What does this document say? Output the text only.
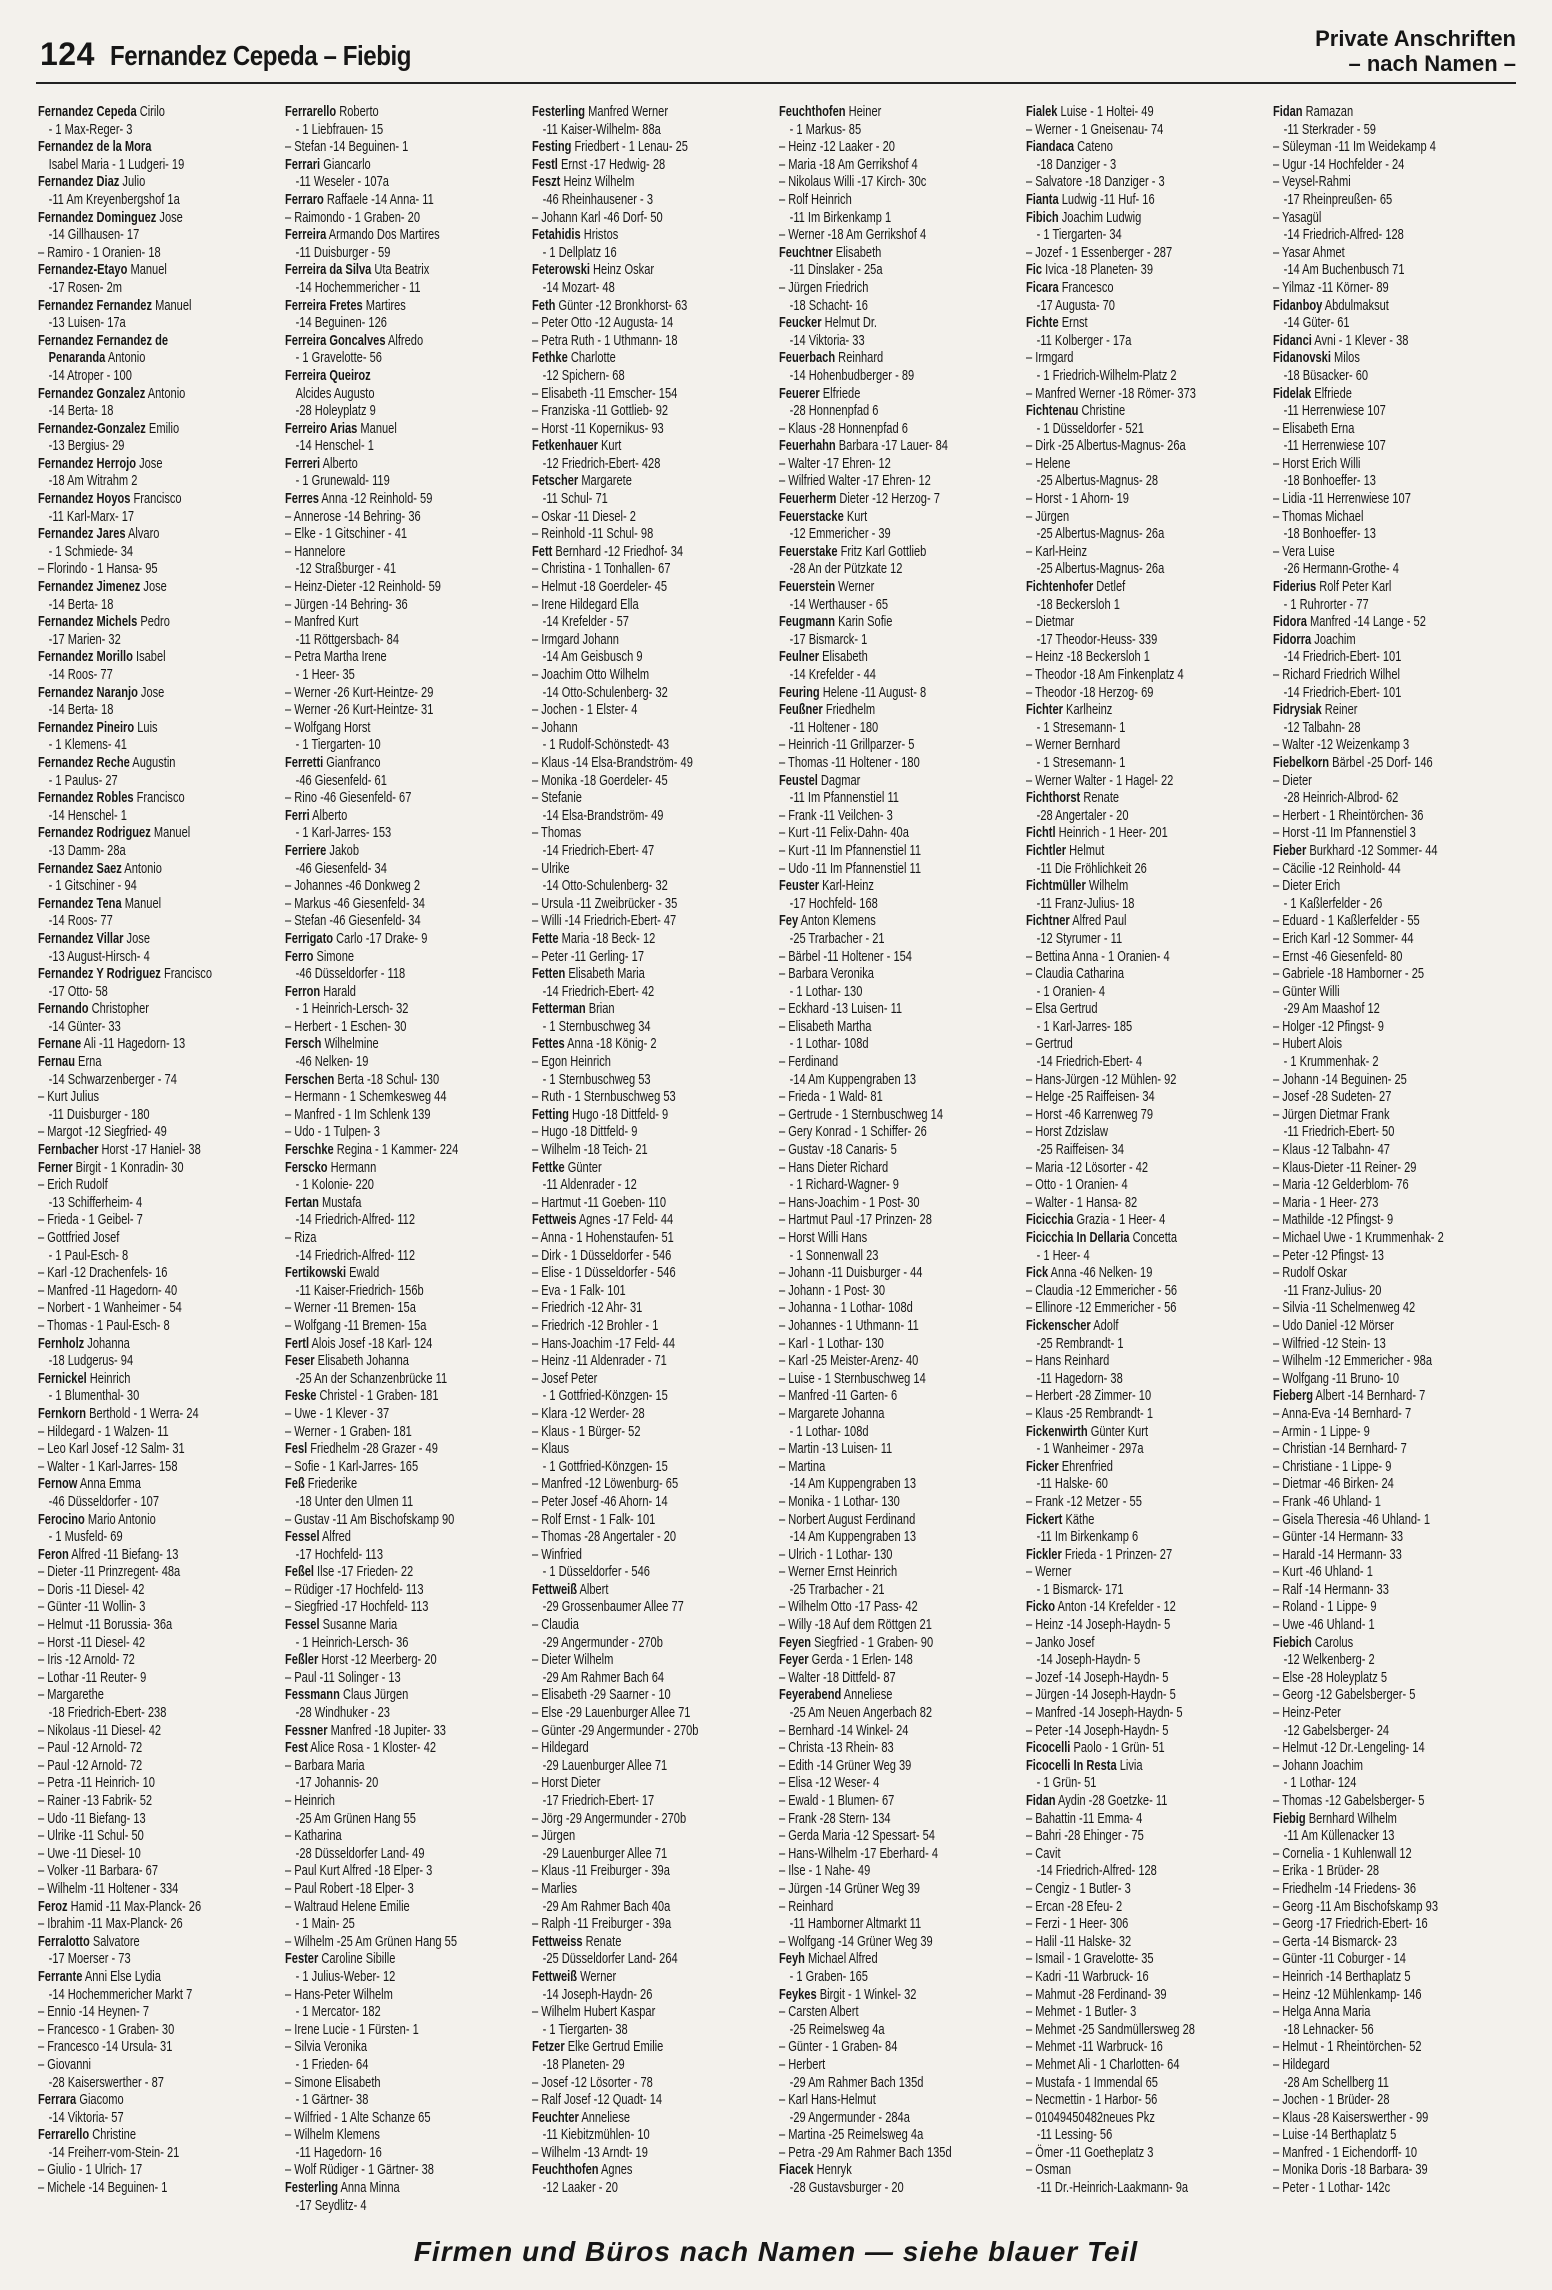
124 Fernandez Cepeda – Fiebig
Private Anschriften
– nach Namen –
Fernandez Cepeda Cirilo
- 1 Max-Reger- 3
Fernandez de la Mora
Isabel Maria - 1 Ludgeri- 19
Fernandez Diaz Julio
-11 Am Kreyenbergshof 1a
Fernandez Dominguez Jose
-14 Gillhausen- 17
– Ramiro - 1 Oranien- 18
Fernandez-Etayo Manuel
-17 Rosen- 2m
Fernandez Fernandez Manuel
-13 Luisen- 17a
Fernandez Fernandez de
Penaranda Antonio
-14 Atroper - 100
Fernandez Gonzalez Antonio
-14 Berta- 18
Fernandez-Gonzalez Emilio
-13 Bergius- 29
Fernandez Herrojo Jose
-18 Am Witrahm 2
Fernandez Hoyos Francisco
-11 Karl-Marx- 17
Fernandez Jares Alvaro
- 1 Schmiede- 34
– Florindo - 1 Hansa- 95
Fernandez Jimenez Jose
-14 Berta- 18
Fernandez Michels Pedro
-17 Marien- 32
Fernandez Morillo Isabel
-14 Roos- 77
Fernandez Naranjo Jose
-14 Berta- 18
Fernandez Pineiro Luis
- 1 Klemens- 41
Fernandez Reche Augustin
- 1 Paulus- 27
Fernandez Robles Francisco
-14 Henschel- 1
Fernandez Rodriguez Manuel
-13 Damm- 28a
Fernandez Saez Antonio
- 1 Gitschiner - 94
Fernandez Tena Manuel
-14 Roos- 77
Fernandez Villar Jose
-13 August-Hirsch- 4
Fernandez Y Rodriguez Francisco
-17 Otto- 58
Fernando Christopher
-14 Günter- 33
Fernane Ali -11 Hagedorn- 13
Fernau Erna
-14 Schwarzenberger - 74
– Kurt Julius
-11 Duisburger - 180
– Margot -12 Siegfried- 49
Fernbacher Horst -17 Haniel- 38
Ferner Birgit - 1 Konradin- 30
– Erich Rudolf
-13 Schifferheim- 4
– Frieda - 1 Geibel- 7
– Gottfried Josef
- 1 Paul-Esch- 8
– Karl -12 Drachenfels- 16
– Manfred -11 Hagedorn- 40
– Norbert - 1 Wanheimer - 54
– Thomas - 1 Paul-Esch- 8
Fernholz Johanna
-18 Ludgerus- 94
Fernickel Heinrich
- 1 Blumenthal- 30
Fernkorn Berthold - 1 Werra- 24
– Hildegard - 1 Walzen- 11
– Leo Karl Josef -12 Salm- 31
– Walter - 1 Karl-Jarres- 158
Fernow Anna Emma
-46 Düsseldorfer - 107
Ferocino Mario Antonio
- 1 Musfeld- 69
Feron Alfred -11 Biefang- 13
– Dieter -11 Prinzregent- 48a
– Doris -11 Diesel- 42
– Günter -11 Wollin- 3
– Helmut -11 Borussia- 36a
– Horst -11 Diesel- 42
– Iris -12 Arnold- 72
– Lothar -11 Reuter- 9
– Margarethe
-18 Friedrich-Ebert- 238
– Nikolaus -11 Diesel- 42
– Paul -12 Arnold- 72
– Paul -12 Arnold- 72
– Petra -11 Heinrich- 10
– Rainer -13 Fabrik- 52
– Udo -11 Biefang- 13
– Ulrike -11 Schul- 50
– Uwe -11 Diesel- 10
– Volker -11 Barbara- 67
– Wilhelm -11 Holtener - 334
Feroz Hamid -11 Max-Planck- 26
– Ibrahim -11 Max-Planck- 26
Ferralotto Salvatore
-17 Moerser - 73
Ferrante Anni Else Lydia
-14 Hochemmericher Markt 7
– Ennio -14 Heynen- 7
– Francesco - 1 Graben- 30
– Francesco -14 Ursula- 31
– Giovanni
-28 Kaiserswerther - 87
Ferrara Giacomo
-14 Viktoria- 57
Ferrarello Christine
-14 Freiherr-vom-Stein- 21
– Giulio - 1 Ulrich- 17
– Michele -14 Beguinen- 1
Ferrarello Roberto
- 1 Liebfrauen- 15
– Stefan -14 Beguinen- 1
Ferrari Giancarlo
-11 Weseler - 107a
Ferraro Raffaele -14 Anna- 11
– Raimondo - 1 Graben- 20
Ferreira Armando Dos Martires
-11 Duisburger - 59
Ferreira da Silva Uta Beatrix
-14 Hochemmericher - 11
Ferreira Fretes Martires
-14 Beguinen- 126
Ferreira Goncalves Alfredo
- 1 Gravelotte- 56
Ferreira Queiroz
Alcides Augusto
-28 Holeyplatz 9
Ferreiro Arias Manuel
-14 Henschel- 1
Ferreri Alberto
- 1 Grunewald- 119
Ferres Anna -12 Reinhold- 59
– Annerose -14 Behring- 36
– Elke - 1 Gitschiner - 41
– Hannelore
-12 Straßburger - 41
– Heinz-Dieter -12 Reinhold- 59
– Jürgen -14 Behring- 36
– Manfred Kurt
-11 Röttgersbach- 84
– Petra Martha Irene
- 1 Heer- 35
– Werner -26 Kurt-Heintze- 29
– Werner -26 Kurt-Heintze- 31
– Wolfgang Horst
- 1 Tiergarten- 10
Ferretti Gianfranco
-46 Giesenfeld- 61
– Rino -46 Giesenfeld- 67
Ferri Alberto
- 1 Karl-Jarres- 153
Ferriere Jakob
-46 Giesenfeld- 34
– Johannes -46 Donkweg 2
– Markus -46 Giesenfeld- 34
– Stefan -46 Giesenfeld- 34
Ferrigato Carlo -17 Drake- 9
Ferro Simone
-46 Düsseldorfer - 118
Ferron Harald
- 1 Heinrich-Lersch- 32
– Herbert - 1 Eschen- 30
Fersch Wilhelmine
-46 Nelken- 19
Ferschen Berta -18 Schul- 130
– Hermann - 1 Schemkesweg 44
– Manfred - 1 Im Schlenk 139
– Udo - 1 Tulpen- 3
Ferschke Regina - 1 Kammer- 224
Ferscko Hermann
- 1 Kolonie- 220
Fertan Mustafa
-14 Friedrich-Alfred- 112
– Riza
-14 Friedrich-Alfred- 112
Fertikowski Ewald
-11 Kaiser-Friedrich- 156b
– Werner -11 Bremen- 15a
– Wolfgang -11 Bremen- 15a
Fertl Alois Josef -18 Karl- 124
Feser Elisabeth Johanna
-25 An der Schanzenbrücke 11
Feske Christel - 1 Graben- 181
– Uwe - 1 Klever - 37
– Werner - 1 Graben- 181
Fesl Friedhelm -28 Grazer - 49
– Sofie - 1 Karl-Jarres- 165
Feß Friederike
-18 Unter den Ulmen 11
– Gustav -11 Am Bischofskamp 90
Fessel Alfred
-17 Hochfeld- 113
Feßel Ilse -17 Frieden- 22
– Rüdiger -17 Hochfeld- 113
– Siegfried -17 Hochfeld- 113
Fessel Susanne Maria
- 1 Heinrich-Lersch- 36
Feßler Horst -12 Meerberg- 20
– Paul -11 Solinger - 13
Fessmann Claus Jürgen
-28 Windhuker - 23
Fessner Manfred -18 Jupiter- 33
Fest Alice Rosa - 1 Kloster- 42
– Barbara Maria
-17 Johannis- 20
– Heinrich
-25 Am Grünen Hang 55
– Katharina
-28 Düsseldorfer Land- 49
– Paul Kurt Alfred -18 Elper- 3
– Paul Robert -18 Elper- 3
– Waltraud Helene Emilie
- 1 Main- 25
– Wilhelm -25 Am Grünen Hang 55
Fester Caroline Sibille
- 1 Julius-Weber- 12
– Hans-Peter Wilhelm
- 1 Mercator- 182
– Irene Lucie - 1 Fürsten- 1
– Silvia Veronika
- 1 Frieden- 64
– Simone Elisabeth
- 1 Gärtner- 38
– Wilfried - 1 Alte Schanze 65
– Wilhelm Klemens
-11 Hagedorn- 16
– Wolf Rüdiger - 1 Gärtner- 38
Festerling Anna Minna
-17 Seydlitz- 4
Festerling Manfred Werner
-11 Kaiser-Wilhelm- 88a
Festing Friedbert - 1 Lenau- 25
Festl Ernst -17 Hedwig- 28
Feszt Heinz Wilhelm
-46 Rheinhausener - 3
– Johann Karl -46 Dorf- 50
Fetahidis Hristos
- 1 Dellplatz 16
Feterowski Heinz Oskar
-14 Mozart- 48
Feth Günter -12 Bronkhorst- 63
– Peter Otto -12 Augusta- 14
– Petra Ruth - 1 Uthmann- 18
Fethke Charlotte
-12 Spichern- 68
– Elisabeth -11 Emscher- 154
– Franziska -11 Gottlieb- 92
– Horst -11 Kopernikus- 93
Fetkenhauer Kurt
-12 Friedrich-Ebert- 428
Fetscher Margarete
-11 Schul- 71
– Oskar -11 Diesel- 2
– Reinhold -11 Schul- 98
Fett Bernhard -12 Friedhof- 34
– Christina - 1 Tonhallen- 67
– Helmut -18 Goerdeler- 45
– Irene Hildegard Ella
-14 Krefelder - 57
– Irmgard Johann
-14 Am Geisbusch 9
– Joachim Otto Wilhelm
-14 Otto-Schulenberg- 32
– Jochen - 1 Elster- 4
– Johann
- 1 Rudolf-Schönstedt- 43
– Klaus -14 Elsa-Brandström- 49
– Monika -18 Goerdeler- 45
– Stefanie
-14 Elsa-Brandström- 49
– Thomas
-14 Friedrich-Ebert- 47
– Ulrike
-14 Otto-Schulenberg- 32
– Ursula -11 Zweibrücker - 35
– Willi -14 Friedrich-Ebert- 47
Fette Maria -18 Beck- 12
– Peter -11 Gerling- 17
Fetten Elisabeth Maria
-14 Friedrich-Ebert- 42
Fetterman Brian
- 1 Sternbuschweg 34
Fettes Anna -18 König- 2
– Egon Heinrich
- 1 Sternbuschweg 53
– Ruth - 1 Sternbuschweg 53
Fetting Hugo -18 Dittfeld- 9
– Hugo -18 Dittfeld- 9
– Wilhelm -18 Teich- 21
Fettke Günter
-11 Aldenrader - 12
– Hartmut -11 Goeben- 110
Fettweis Agnes -17 Feld- 44
– Anna - 1 Hohenstaufen- 51
– Dirk - 1 Düsseldorfer - 546
– Elise - 1 Düsseldorfer - 546
– Eva - 1 Falk- 101
– Friedrich -12 Ahr- 31
– Friedrich -12 Brohler - 1
– Hans-Joachim -17 Feld- 44
– Heinz -11 Aldenrader - 71
– Josef Peter
- 1 Gottfried-Könzgen- 15
– Klara -12 Werder- 28
– Klaus - 1 Bürger- 52
– Klaus
- 1 Gottfried-Könzgen- 15
– Manfred -12 Löwenburg- 65
– Peter Josef -46 Ahorn- 14
– Rolf Ernst - 1 Falk- 101
– Thomas -28 Angertaler - 20
– Winfried
- 1 Düsseldorfer - 546
Fettweiß Albert
-29 Grossenbaumer Allee 77
– Claudia
-29 Angermunder - 270b
– Dieter Wilhelm
-29 Am Rahmer Bach 64
– Elisabeth -29 Saarner - 10
– Else -29 Lauenburger Allee 71
– Günter -29 Angermunder - 270b
– Hildegard
-29 Lauenburger Allee 71
– Horst Dieter
-17 Friedrich-Ebert- 17
– Jörg -29 Angermunder - 270b
– Jürgen
-29 Lauenburger Allee 71
– Klaus -11 Freiburger - 39a
– Marlies
-29 Am Rahmer Bach 40a
– Ralph -11 Freiburger - 39a
Fettweiss Renate
-25 Düsseldorfer Land- 264
Fettweiß Werner
-14 Joseph-Haydn- 26
– Wilhelm Hubert Kaspar
- 1 Tiergarten- 38
Fetzer Elke Gertrud Emilie
-18 Planeten- 29
– Josef -12 Lösorter - 78
– Ralf Josef -12 Quadt- 14
Feuchter Anneliese
-11 Kiebitzmühlen- 10
– Wilhelm -13 Arndt- 19
Feuchthofen Agnes
-12 Laaker - 20
Feuchthofen Heiner
- 1 Markus- 85
– Heinz -12 Laaker - 20
– Maria -18 Am Gerrikshof 4
– Nikolaus Willi -17 Kirch- 30c
– Rolf Heinrich
-11 Im Birkenkamp 1
– Werner -18 Am Gerrikshof 4
Feuchtner Elisabeth
-11 Dinslaker - 25a
– Jürgen Friedrich
-18 Schacht- 16
Feucker Helmut Dr.
-14 Viktoria- 33
Feuerbach Reinhard
-14 Hohenbudberger - 89
Feuerer Elfriede
-28 Honnenpfad 6
– Klaus -28 Honnenpfad 6
Feuerhahn Barbara -17 Lauer- 84
– Walter -17 Ehren- 12
– Wilfried Walter -17 Ehren- 12
Feuerherm Dieter -12 Herzog- 7
Feuerstacke Kurt
-12 Emmericher - 39
Feuerstake Fritz Karl Gottlieb
-28 An der Pützkate 12
Feuerstein Werner
-14 Werthauser - 65
Feugmann Karin Sofie
-17 Bismarck- 1
Feulner Elisabeth
-14 Krefelder - 44
Feuring Helene -11 August- 8
Feußner Friedhelm
-11 Holtener - 180
– Heinrich -11 Grillparzer- 5
– Thomas -11 Holtener - 180
Feustel Dagmar
-11 Im Pfannenstiel 11
– Frank -11 Veilchen- 3
– Kurt -11 Felix-Dahn- 40a
– Kurt -11 Im Pfannenstiel 11
– Udo -11 Im Pfannenstiel 11
Feuster Karl-Heinz
-17 Hochfeld- 168
Fey Anton Klemens
-25 Trarbacher - 21
– Bärbel -11 Holtener - 154
– Barbara Veronika
- 1 Lothar- 130
– Eckhard -13 Luisen- 11
– Elisabeth Martha
- 1 Lothar- 108d
– Ferdinand
-14 Am Kuppengraben 13
– Frieda - 1 Wald- 81
– Gertrude - 1 Sternbuschweg 14
– Gery Konrad - 1 Schiffer- 26
– Gustav -18 Canaris- 5
– Hans Dieter Richard
- 1 Richard-Wagner- 9
– Hans-Joachim - 1 Post- 30
– Hartmut Paul -17 Prinzen- 28
– Horst Willi Hans
- 1 Sonnenwall 23
– Johann -11 Duisburger - 44
– Johann - 1 Post- 30
– Johanna - 1 Lothar- 108d
– Johannes - 1 Uthmann- 11
– Karl - 1 Lothar- 130
– Karl -25 Meister-Arenz- 40
– Luise - 1 Sternbuschweg 14
– Manfred -11 Garten- 6
– Margarete Johanna
- 1 Lothar- 108d
– Martin -13 Luisen- 11
– Martina
-14 Am Kuppengraben 13
– Monika - 1 Lothar- 130
– Norbert August Ferdinand
-14 Am Kuppengraben 13
– Ulrich - 1 Lothar- 130
– Werner Ernst Heinrich
-25 Trarbacher - 21
– Wilhelm Otto -17 Pass- 42
– Willy -18 Auf dem Röttgen 21
Feyen Siegfried - 1 Graben- 90
Feyer Gerda - 1 Erlen- 148
– Walter -18 Dittfeld- 87
Feyerabend Anneliese
-25 Am Neuen Angerbach 82
– Bernhard -14 Winkel- 24
– Christa -13 Rhein- 83
– Edith -14 Grüner Weg 39
– Elisa -12 Weser- 4
– Ewald - 1 Blumen- 67
– Frank -28 Stern- 134
– Gerda Maria -12 Spessart- 54
– Hans-Wilhelm -17 Eberhard- 4
– Ilse - 1 Nahe- 49
– Jürgen -14 Grüner Weg 39
– Reinhard
-11 Hamborner Altmarkt 11
– Wolfgang -14 Grüner Weg 39
Feyh Michael Alfred
- 1 Graben- 165
Feykes Birgit - 1 Winkel- 32
– Carsten Albert
-25 Reimelsweg 4a
– Günter - 1 Graben- 84
– Herbert
-29 Am Rahmer Bach 135d
– Karl Hans-Helmut
-29 Angermunder - 284a
– Martina -25 Reimelsweg 4a
– Petra -29 Am Rahmer Bach 135d
Fiacek Henryk
-28 Gustavsburger - 20
Fialek Luise - 1 Holtei- 49
– Werner - 1 Gneisenau- 74
Fiandaca Cateno
-18 Danziger - 3
– Salvatore -18 Danziger - 3
Fianta Ludwig -11 Huf- 16
Fibich Joachim Ludwig
- 1 Tiergarten- 34
– Jozef - 1 Essenberger - 287
Fic Ivica -18 Planeten- 39
Ficara Francesco
-17 Augusta- 70
Fichte Ernst
-11 Kolberger - 17a
– Irmgard
- 1 Friedrich-Wilhelm-Platz 2
– Manfred Werner -18 Römer- 373
Fichtenau Christine
- 1 Düsseldorfer - 521
– Dirk -25 Albertus-Magnus- 26a
– Helene
-25 Albertus-Magnus- 28
– Horst - 1 Ahorn- 19
– Jürgen
-25 Albertus-Magnus- 26a
– Karl-Heinz
-25 Albertus-Magnus- 26a
Fichtenhofer Detlef
-18 Beckersloh 1
– Dietmar
-17 Theodor-Heuss- 339
– Heinz -18 Beckersloh 1
– Theodor -18 Am Finkenplatz 4
– Theodor -18 Herzog- 69
Fichter Karlheinz
- 1 Stresemann- 1
– Werner Bernhard
- 1 Stresemann- 1
– Werner Walter - 1 Hagel- 22
Fichthorst Renate
-28 Angertaler - 20
Fichtl Heinrich - 1 Heer- 201
Fichtler Helmut
-11 Die Fröhlichkeit 26
Fichtmüller Wilhelm
-11 Franz-Julius- 18
Fichtner Alfred Paul
-12 Styrumer - 11
– Bettina Anna - 1 Oranien- 4
– Claudia Catharina
- 1 Oranien- 4
– Elsa Gertrud
- 1 Karl-Jarres- 185
– Gertrud
-14 Friedrich-Ebert- 4
– Hans-Jürgen -12 Mühlen- 92
– Helge -25 Raiffeisen- 34
– Horst -46 Karrenweg 79
– Horst Zdzislaw
-25 Raiffeisen- 34
– Maria -12 Lösorter - 42
– Otto - 1 Oranien- 4
– Walter - 1 Hansa- 82
Ficicchia Grazia - 1 Heer- 4
Ficicchia In Dellaria Concetta
- 1 Heer- 4
Fick Anna -46 Nelken- 19
– Claudia -12 Emmericher - 56
– Ellinore -12 Emmericher - 56
Fickenscher Adolf
-25 Rembrandt- 1
– Hans Reinhard
-11 Hagedorn- 38
– Herbert -28 Zimmer- 10
– Klaus -25 Rembrandt- 1
Fickenwirth Günter Kurt
- 1 Wanheimer - 297a
Ficker Ehrenfried
-11 Halske- 60
– Frank -12 Metzer - 55
Fickert Käthe
-11 Im Birkenkamp 6
Fickler Frieda - 1 Prinzen- 27
– Werner
- 1 Bismarck- 171
Ficko Anton -14 Krefelder - 12
– Heinz -14 Joseph-Haydn- 5
– Janko Josef
-14 Joseph-Haydn- 5
– Jozef -14 Joseph-Haydn- 5
– Jürgen -14 Joseph-Haydn- 5
– Manfred -14 Joseph-Haydn- 5
– Peter -14 Joseph-Haydn- 5
Ficocelli Paolo - 1 Grün- 51
Ficocelli In Resta Livia
- 1 Grün- 51
Fidan Aydin -28 Goetzke- 11
– Bahattin -11 Emma- 4
– Bahri -28 Ehinger - 75
– Cavit
-14 Friedrich-Alfred- 128
– Cengiz - 1 Butler- 3
– Ercan -28 Efeu- 2
– Ferzi - 1 Heer- 306
– Halil -11 Halske- 32
– Ismail - 1 Gravelotte- 35
– Kadri -11 Warbruck- 16
– Mahmut -28 Ferdinand- 39
– Mehmet - 1 Butler- 3
– Mehmet -25 Sandmüllersweg 28
– Mehmet -11 Warbruck- 16
– Mehmet Ali - 1 Charlotten- 64
– Mustafa - 1 Immendal 65
– Necmettin - 1 Harbor- 56
– 01049450482neues Pkz
-11 Lessing- 56
– Ömer -11 Goetheplatz 3
– Osman
-11 Dr.-Heinrich-Laakmann- 9a
Fidan Ramazan
-11 Sterkrader - 59
– Süleyman -11 Im Weidekamp 4
– Ugur -14 Hochfelder - 24
– Veysel-Rahmi
-17 Rheinpreußen- 65
– Yasagül
-14 Friedrich-Alfred- 128
– Yasar Ahmet
-14 Am Buchenbusch 71
– Yilmaz -11 Körner- 89
Fidanboy Abdulmaksut
-14 Güter- 61
Fidanci Avni - 1 Klever - 38
Fidanovski Milos
-18 Büsacker- 60
Fidelak Elfriede
-11 Herrenwiese 107
– Elisabeth Erna
-11 Herrenwiese 107
– Horst Erich Willi
-18 Bonhoeffer- 13
– Lidia -11 Herrenwiese 107
– Thomas Michael
-18 Bonhoeffer- 13
– Vera Luise
-26 Hermann-Grothe- 4
Fiderius Rolf Peter Karl
- 1 Ruhrorter - 77
Fidora Manfred -14 Lange - 52
Fidorra Joachim
-14 Friedrich-Ebert- 101
– Richard Friedrich Wilhel
-14 Friedrich-Ebert- 101
Fidrysiak Reiner
-12 Talbahn- 28
– Walter -12 Weizenkamp 3
Fiebelkorn Bärbel -25 Dorf- 146
– Dieter
-28 Heinrich-Albrod- 62
– Herbert - 1 Rheintörchen- 36
– Horst -11 Im Pfannenstiel 3
Fieber Burkhard -12 Sommer- 44
– Cäcilie -12 Reinhold- 44
– Dieter Erich
- 1 Kaßlerfelder - 26
– Eduard - 1 Kaßlerfelder - 55
– Erich Karl -12 Sommer- 44
– Ernst -46 Giesenfeld- 80
– Gabriele -18 Hamborner - 25
– Günter Willi
-29 Am Maashof 12
– Holger -12 Pfingst- 9
– Hubert Alois
- 1 Krummenhak- 2
– Johann -14 Beguinen- 25
– Josef -28 Sudeten- 27
– Jürgen Dietmar Frank
-11 Friedrich-Ebert- 50
– Klaus -12 Talbahn- 47
– Klaus-Dieter -11 Reiner- 29
– Maria -12 Gelderblom- 76
– Maria - 1 Heer- 273
– Mathilde -12 Pfingst- 9
– Michael Uwe - 1 Krummenhak- 2
– Peter -12 Pfingst- 13
– Rudolf Oskar
-11 Franz-Julius- 20
– Silvia -11 Schelmenweg 42
– Udo Daniel -12 Mörser
– Wilfried -12 Stein- 13
– Wilhelm -12 Emmericher - 98a
– Wolfgang -11 Bruno- 10
Fieberg Albert -14 Bernhard- 7
– Anna-Eva -14 Bernhard- 7
– Armin - 1 Lippe- 9
– Christian -14 Bernhard- 7
– Christiane - 1 Lippe- 9
– Dietmar -46 Birken- 24
– Frank -46 Uhland- 1
– Gisela Theresia -46 Uhland- 1
– Günter -14 Hermann- 33
– Harald -14 Hermann- 33
– Kurt -46 Uhland- 1
– Ralf -14 Hermann- 33
– Roland - 1 Lippe- 9
– Uwe -46 Uhland- 1
Fiebich Carolus
-12 Welkenberg- 2
– Else -28 Holeyplatz 5
– Georg -12 Gabelsberger- 5
– Heinz-Peter
-12 Gabelsberger- 24
– Helmut -12 Dr.-Lengeling- 14
– Johann Joachim
- 1 Lothar- 124
– Thomas -12 Gabelsberger- 5
Fiebig Bernhard Wilhelm
-11 Am Küllenacker 13
– Cornelia - 1 Kuhlenwall 12
– Erika - 1 Brüder- 28
– Friedhelm -14 Friedens- 36
– Georg -11 Am Bischofskamp 93
– Georg -17 Friedrich-Ebert- 16
– Gerta -14 Bismarck- 23
– Günter -11 Coburger - 14
– Heinrich -14 Berthaplatz 5
– Heinz -12 Mühlenkamp- 146
– Helga Anna Maria
-18 Lehnacker- 56
– Helmut - 1 Rheintörchen- 52
– Hildegard
-28 Am Schellberg 11
– Jochen - 1 Brüder- 28
– Klaus -28 Kaiserswerther - 99
– Luise -14 Berthaplatz 5
– Manfred - 1 Eichendorff- 10
– Monika Doris -18 Barbara- 39
– Peter - 1 Lothar- 142c
Firmen und Büros nach Namen — siehe blauer Teil
